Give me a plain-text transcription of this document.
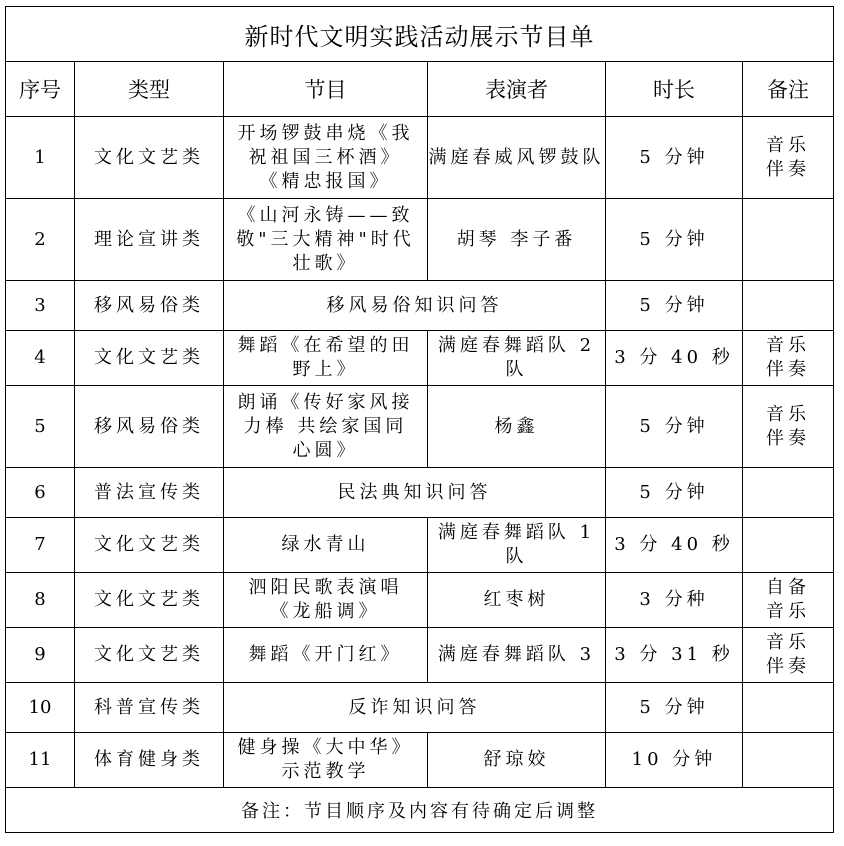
新时代文明实践活动展示节目单					
序号	类型	节目	表演者	时长	备注
1	文化文艺类	开场锣鼓串烧《我祝祖国三杯酒》《精忠报国》	满庭春威风锣鼓队	5 分钟	音乐伴奏
2	理论宣讲类	《山河永铸——致敬"三大精神"时代壮歌》	胡琴 李子番	5 分钟	
3	移风易俗类	移风易俗知识问答		5 分钟	
4	文化文艺类	舞蹈《在希望的田野上》	满庭春舞蹈队 2 队	3 分 40 秒	音乐伴奏
5	移风易俗类	朗诵《传好家风接力棒 共绘家国同心圆》	杨鑫	5 分钟	音乐伴奏
6	普法宣传类	民法典知识问答		5 分钟	
7	文化文艺类	绿水青山	满庭春舞蹈队 1 队	3 分 40 秒	
8	文化文艺类	泗阳民歌表演唱《龙船调》	红枣树	3 分种	自备音乐
9	文化文艺类	舞蹈《开门红》	满庭春舞蹈队 3	3 分 31 秒	音乐伴奏
10	科普宣传类	反诈知识问答		5 分钟	
11	体育健身类	健身操《大中华》示范教学	舒琼姣	10 分钟	
备注：节目顺序及内容有待确定后调整					
